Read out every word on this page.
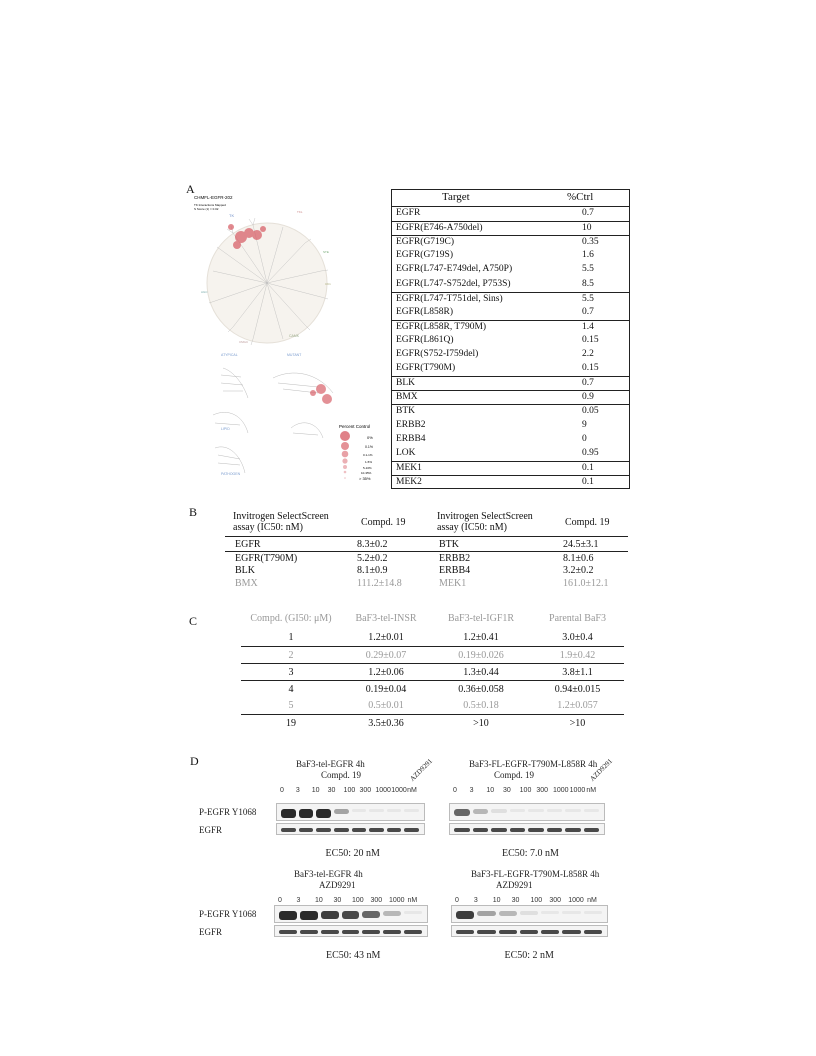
A
CHMFL-EGFR-202
TK Interactions Mapped
S Score (1) = 0.02
TK
TKL
STE
CK1
AGC
CAMK
CMGC
ATYPICAL	MUTANT
LIPID
PATHOGEN
Percent Control
0%
0.1%
0.1-1%
1-5%
5-10%
10-35%
> 35%
Target	%Ctrl
EGFR	0.7
EGFR(E746-A750del)	10
EGFR(G719C)	0.35
EGFR(G719S)	1.6
EGFR(L747-E749del, A750P)	5.5
EGFR(L747-S752del, P753S)	8.5
EGFR(L747-T751del, Sins)	5.5
EGFR(L858R)	0.7
EGFR(L858R, T790M)	1.4
EGFR(L861Q)	0.15
EGFR(S752-I759del)	2.2
EGFR(T790M)	0.15
BLK	0.7
BMX	0.9
BTK	0.05
ERBB2	9
ERBB4	0
LOK	0.95
MEK1	0.1
MEK2	0.1
B	Invitrogen SelectScreen
assay (IC50: nM)	Compd. 19
Invitrogen SelectScreen
assay (IC50: nM)	Compd. 19
EGFR	8.3±0.2	BTK	24.5±3.1
EGFR(T790M)	5.2±0.2	ERBB2	8.1±0.6
BLK	8.1±0.9	ERBB4	3.2±0.2
BMX	111.2±14.8	MEK1	161.0±12.1
C	Compd. (GI50: μM)	BaF3-tel-INSR	BaF3-tel-IGF1R	Parental BaF3
1	1.2±0.01	1.2±0.41	3.0±0.4
2	0.29±0.07	0.19±0.026	1.9±0.42
3	1.2±0.06	1.3±0.44	3.8±1.1
4	0.19±0.04	0.36±0.058	0.94±0.015
5	0.5±0.01	0.5±0.18	1.2±0.057
19	3.5±0.36	>10	>10
D	BaF3-tel-EGFR 4h
Compd. 19	AZD9291
0 3 10 30 100 300 1000 1000 nM
P-EGFR Y1068
EGFR
EC50: 20 nM
BaF3-FL-EGFR-T790M-L858R 4h
Compd. 19	AZD9291
0 3 10 30 100 300 1000 1000 nM
EC50: 7.0 nM
BaF3-tel-EGFR 4h
AZD9291
0 3 10 30 100 300 1000 nM
P-EGFR Y1068
EGFR
EC50: 43 nM
BaF3-FL-EGFR-T790M-L858R 4h
AZD9291
0 3 10 30 100 300 1000 nM
EC50: 2 nM
